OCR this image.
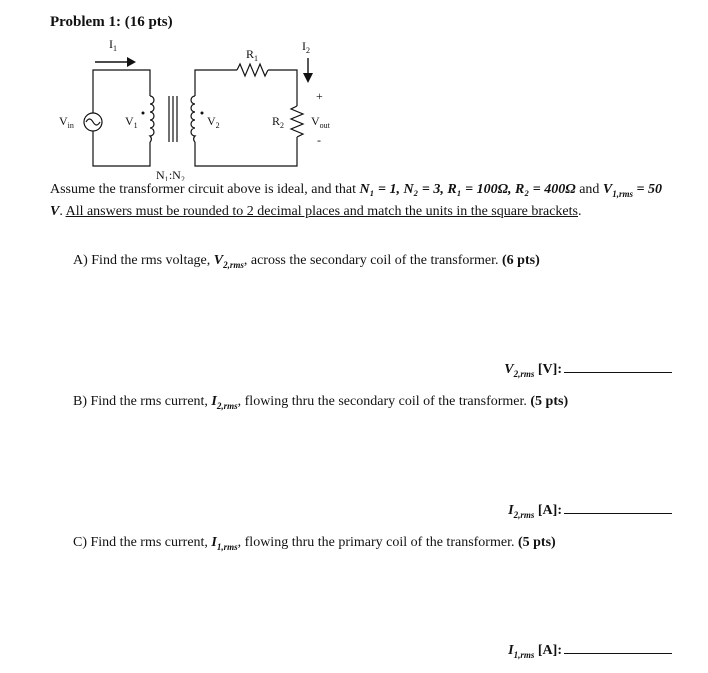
Problem 1: (16 pts)
$I_1$
$V_{in}$	$V_1$	$V_2$
$R_1$
$R_2$
$I_2$
+
$V_{out}$
-
N₁:N₂
Assume the transformer circuit above is ideal, and that N₁ = 1, N₂ = 3, R₁ = 100Ω, R₂ = 400Ω and $V_{1,rms} = 50$ V. All answers must be rounded to 2 decimal places and match the units in the square brackets.
A) Find the rms voltage, $V_{2,rms}$, across the secondary coil of the transformer. (6 pts)
$V_{2,rms}$ [V]:
B) Find the rms current, $I_{2,rms}$, flowing thru the secondary coil of the transformer. (5 pts)
$I_{2,rms}$ [A]:
C) Find the rms current, $I_{1,rms}$, flowing thru the primary coil of the transformer. (5 pts)
$I_{1,rms}$ [A]:
